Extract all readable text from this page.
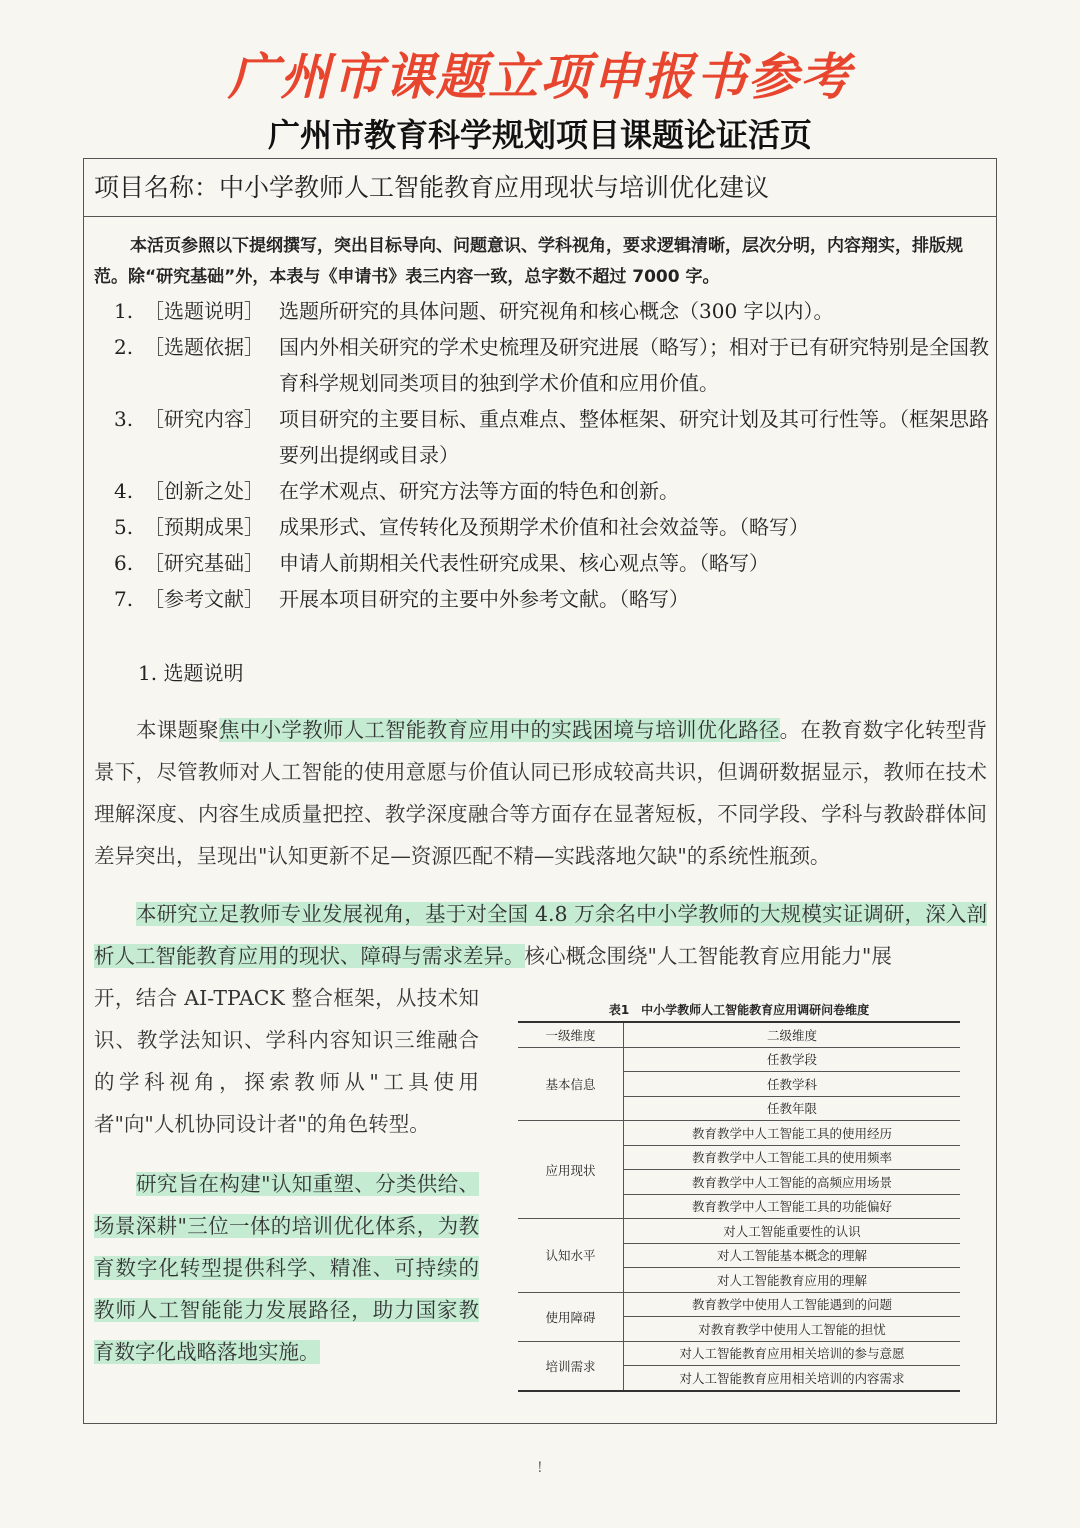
广州市课题立项申报书参考
广州市教育科学规划项目课题论证活页
项目名称：中小学教师人工智能教育应用现状与培训优化建议
本活页参照以下提纲撰写，突出目标导向、问题意识、学科视角，要求逻辑清晰，层次分明，内容翔实，排版规范。除“研究基础”外，本表与《申请书》表三内容一致，总字数不超过 7000 字。
1. ［选题说明］ 选题所研究的具体问题、研究视角和核心概念（300 字以内）。
2. ［选题依据］ 国内外相关研究的学术史梳理及研究进展（略写）；相对于已有研究特别是全国教育科学规划同类项目的独到学术价值和应用价值。
3. ［研究内容］ 项目研究的主要目标、重点难点、整体框架、研究计划及其可行性等。（框架思路要列出提纲或目录）
4. ［创新之处］ 在学术观点、研究方法等方面的特色和创新。
5. ［预期成果］ 成果形式、宣传转化及预期学术价值和社会效益等。（略写）
6. ［研究基础］ 申请人前期相关代表性研究成果、核心观点等。（略写）
7. ［参考文献］ 开展本项目研究的主要中外参考文献。（略写）
1. 选题说明
本课题聚焦中小学教师人工智能教育应用中的实践困境与培训优化路径。在教育数字化转型背景下，尽管教师对人工智能的使用意愿与价值认同已形成较高共识，但调研数据显示，教师在技术理解深度、内容生成质量把控、教学深度融合等方面存在显著短板，不同学段、学科与教龄群体间差异突出，呈现出"认知更新不足—资源匹配不精—实践落地欠缺"的系统性瓶颈。
本研究立足教师专业发展视角，基于对全国 4.8 万余名中小学教师的大规模实证调研，深入剖析人工智能教育应用的现状、障碍与需求差异。核心概念围绕"人工智能教育应用能力"展
开，结合 AI-TPACK 整合框架，从技术知识、教学法知识、学科内容知识三维融合的学科视角，探索教师从"工具使用者"向"人机协同设计者"的角色转型。
研究旨在构建"认知重塑、分类供给、场景深耕"三位一体的培训优化体系，为教育数字化转型提供科学、精准、可持续的教师人工智能能力发展路径，助力国家教育数字化战略落地实施。
表1　中小学教师人工智能教育应用调研问卷维度
一级维度	二级维度
基本信息	任教学段
	任教学科
	任教年限
应用现状	教育教学中人工智能工具的使用经历
	教育教学中人工智能工具的使用频率
	教育教学中人工智能的高频应用场景
	教育教学中人工智能工具的功能偏好
认知水平	对人工智能重要性的认识
	对人工智能基本概念的理解
	对人工智能教育应用的理解
使用障碍	教育教学中使用人工智能遇到的问题
	对教育教学中使用人工智能的担忧
培训需求	对人工智能教育应用相关培训的参与意愿
	对人工智能教育应用相关培训的内容需求
!
